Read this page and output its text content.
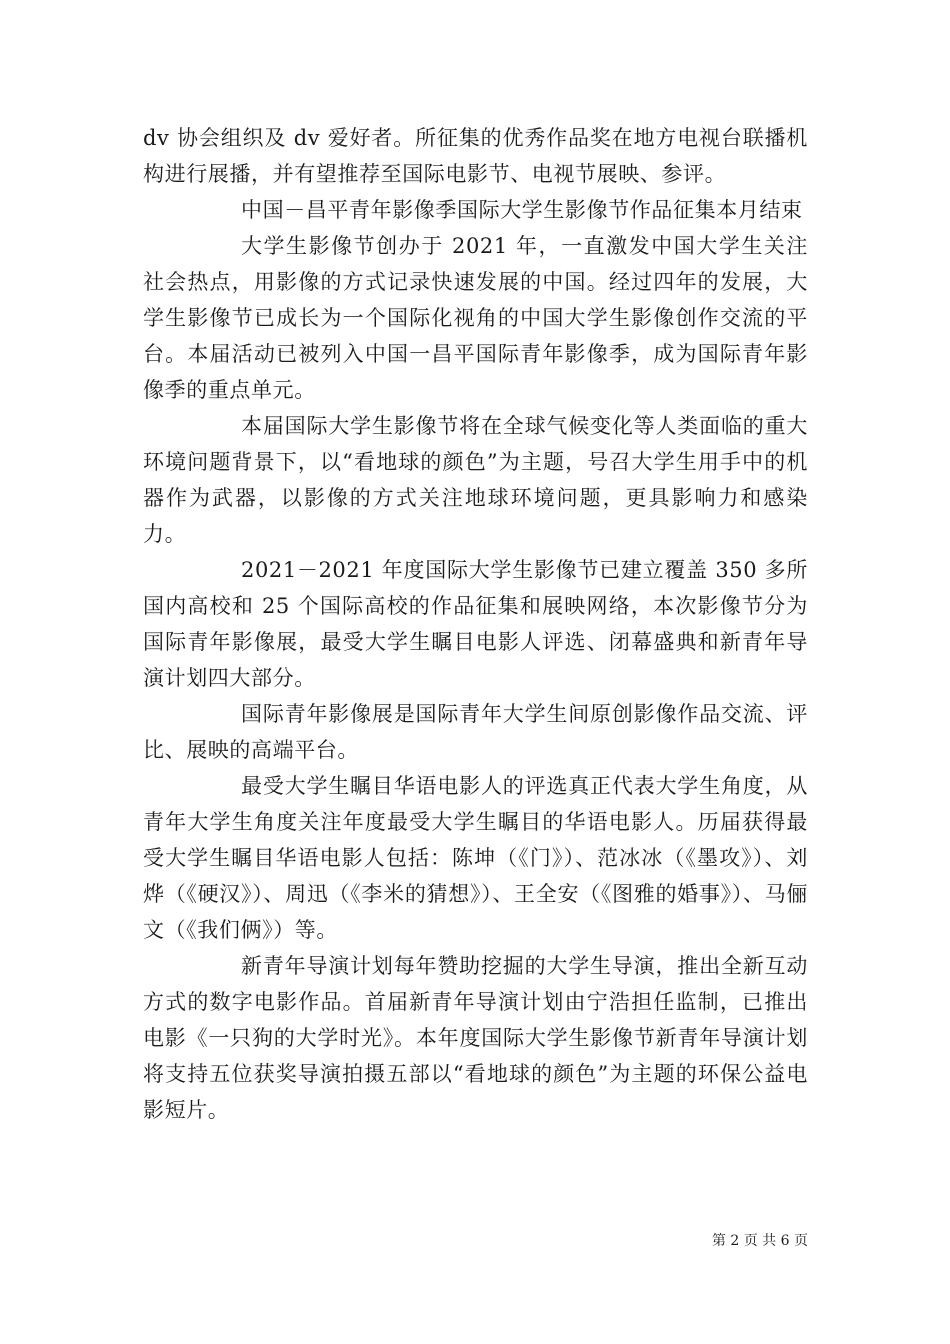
dv 协会组织及 dv 爱好者。所征集的优秀作品奖在地方电视台联播机构进行展播，并有望推荐至国际电影节、电视节展映、参评。

中国－昌平青年影像季国际大学生影像节作品征集本月结束

大学生影像节创办于 2021 年，一直激发中国大学生关注社会热点，用影像的方式记录快速发展的中国。经过四年的发展，大学生影像节已成长为一个国际化视角的中国大学生影像创作交流的平台。本届活动已被列入中国一昌平国际青年影像季，成为国际青年影像季的重点单元。

本届国际大学生影像节将在全球气候变化等人类面临的重大环境问题背景下，以“看地球的颜色”为主题，号召大学生用手中的机器作为武器，以影像的方式关注地球环境问题，更具影响力和感染力。

2021－2021 年度国际大学生影像节已建立覆盖 350 多所国内高校和 25 个国际高校的作品征集和展映网络，本次影像节分为国际青年影像展，最受大学生瞩目电影人评选、闭幕盛典和新青年导演计划四大部分。

国际青年影像展是国际青年大学生间原创影像作品交流、评比、展映的高端平台。

最受大学生瞩目华语电影人的评选真正代表大学生角度，从青年大学生角度关注年度最受大学生瞩目的华语电影人。历届获得最受大学生瞩目华语电影人包括：陈坤（《门》）、范冰冰（《墨攻》）、刘烨（《硬汉》）、周迅（《李米的猜想》）、王全安（《图雅的婚事》）、马俪文（《我们俩》）等。

新青年导演计划每年赞助挖掘的大学生导演，推出全新互动方式的数字电影作品。首届新青年导演计划由宁浩担任监制，已推出电影《一只狗的大学时光》。本年度国际大学生影像节新青年导演计划将支持五位获奖导演拍摄五部以“看地球的颜色”为主题的环保公益电影短片。

第 2 页 共 6 页
